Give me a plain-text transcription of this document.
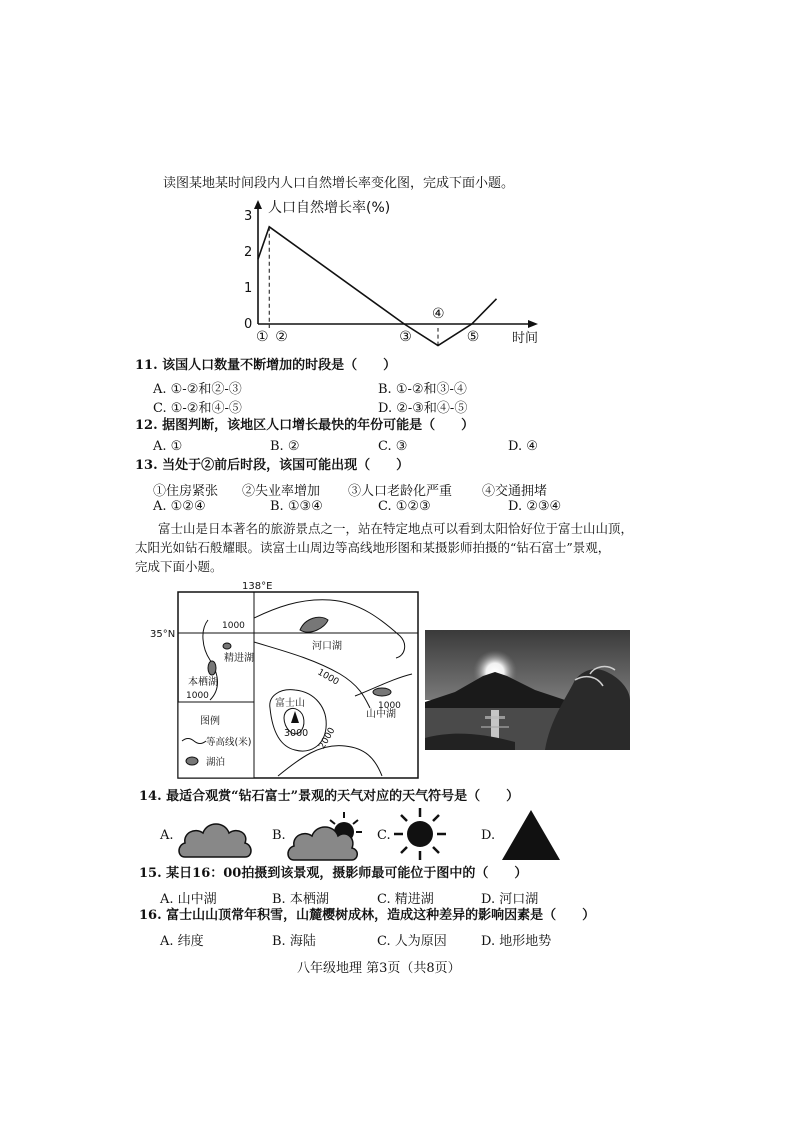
读图某地某时间段内人口自然增长率变化图，完成下面小题。
人口自然增长率(%)
时间
0
1
2
3
① ②	③
④
⑤
11. 该国人口数量不断增加的时段是（　　）
A. ①-②和②-③	B. ①-②和③-④
C. ①-②和④-⑤	D. ②-③和④-⑤
12. 据图判断，该地区人口增长最快的年份可能是（　　）
A. ①	B. ②	C. ③	D. ④
13. 当处于②前后时段，该国可能出现（　　）
①住房紧张 ②失业率增加 ③人口老龄化严重 ④交通拥堵
A. ①②④	B. ①③④	C. ①②③	D. ②③④
富士山是日本著名的旅游景点之一，站在特定地点可以看到太阳恰好位于富士山山顶，
太阳光如钻石般耀眼。读富士山周边等高线地形图和某摄影师拍摄的“钻石富士”景观，
完成下面小题。
138°E
35°N
图例
等高线(米)
湖泊
富士山
3000 2000
河口湖
精进湖
本栖湖
山中湖
1000
1000
1000
1000
14. 最适合观赏“钻石富士”景观的天气对应的天气符号是（　　）
A.	B.	C.	D.
15. 某日16：00拍摄到该景观，摄影师最可能位于图中的（　　）
A. 山中湖	B. 本栖湖	C. 精进湖	D. 河口湖
16. 富士山山顶常年积雪，山麓樱树成林，造成这种差异的影响因素是（　　）
A. 纬度	B. 海陆	C. 人为原因	D. 地形地势
八年级地理 第3页（共8页）
